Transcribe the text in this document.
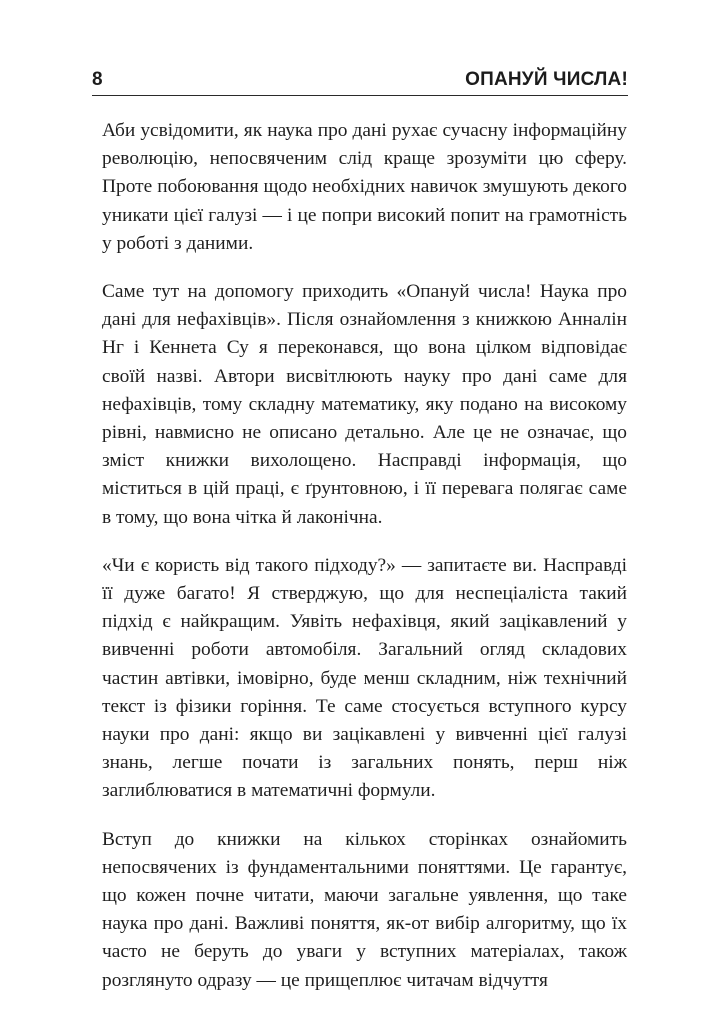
8	ОПАНУЙ ЧИСЛА!

Аби усвідомити, як наука про дані рухає сучасну інформаційну революцію, непосвяченим слід краще зрозуміти цю сферу. Проте побоювання щодо необхідних навичок змушують декого уникати цієї галузі — і це попри високий попит на грамотність у роботі з даними.

Саме тут на допомогу приходить «Опануй числа! Наука про дані для нефахівців». Після ознайомлення з книжкою Анналін Нг і Кеннета Су я переконався, що вона цілком відповідає своїй назві. Автори висвітлюють науку про дані саме для нефахівців, тому складну математику, яку подано на високому рівні, навмисно не описано детально. Але це не означає, що зміст книжки вихолощено. Насправді інформація, що міститься в цій праці, є ґрунтовною, і її перевага полягає саме в тому, що вона чітка й лаконічна.

«Чи є користь від такого підходу?» — запитаєте ви. Насправді її дуже багато! Я стверджую, що для неспеціаліста такий підхід є найкращим. Уявіть нефахівця, який зацікавлений у вивченні роботи автомобіля. Загальний огляд складових частин автівки, імовірно, буде менш складним, ніж технічний текст із фізики горіння. Те саме стосується вступного курсу науки про дані: якщо ви зацікавлені у вивченні цієї галузі знань, легше почати із загальних понять, перш ніж заглиблюватися в математичні формули.

Вступ до книжки на кількох сторінках ознайомить непосвячених із фундаментальними поняттями. Це гарантує, що кожен почне читати, маючи загальне уявлення, що таке наука про дані. Важливі поняття, як-от вибір алгоритму, що їх часто не беруть до уваги у вступних матеріалах, також розглянуто одразу — це прищеплює читачам відчуття
